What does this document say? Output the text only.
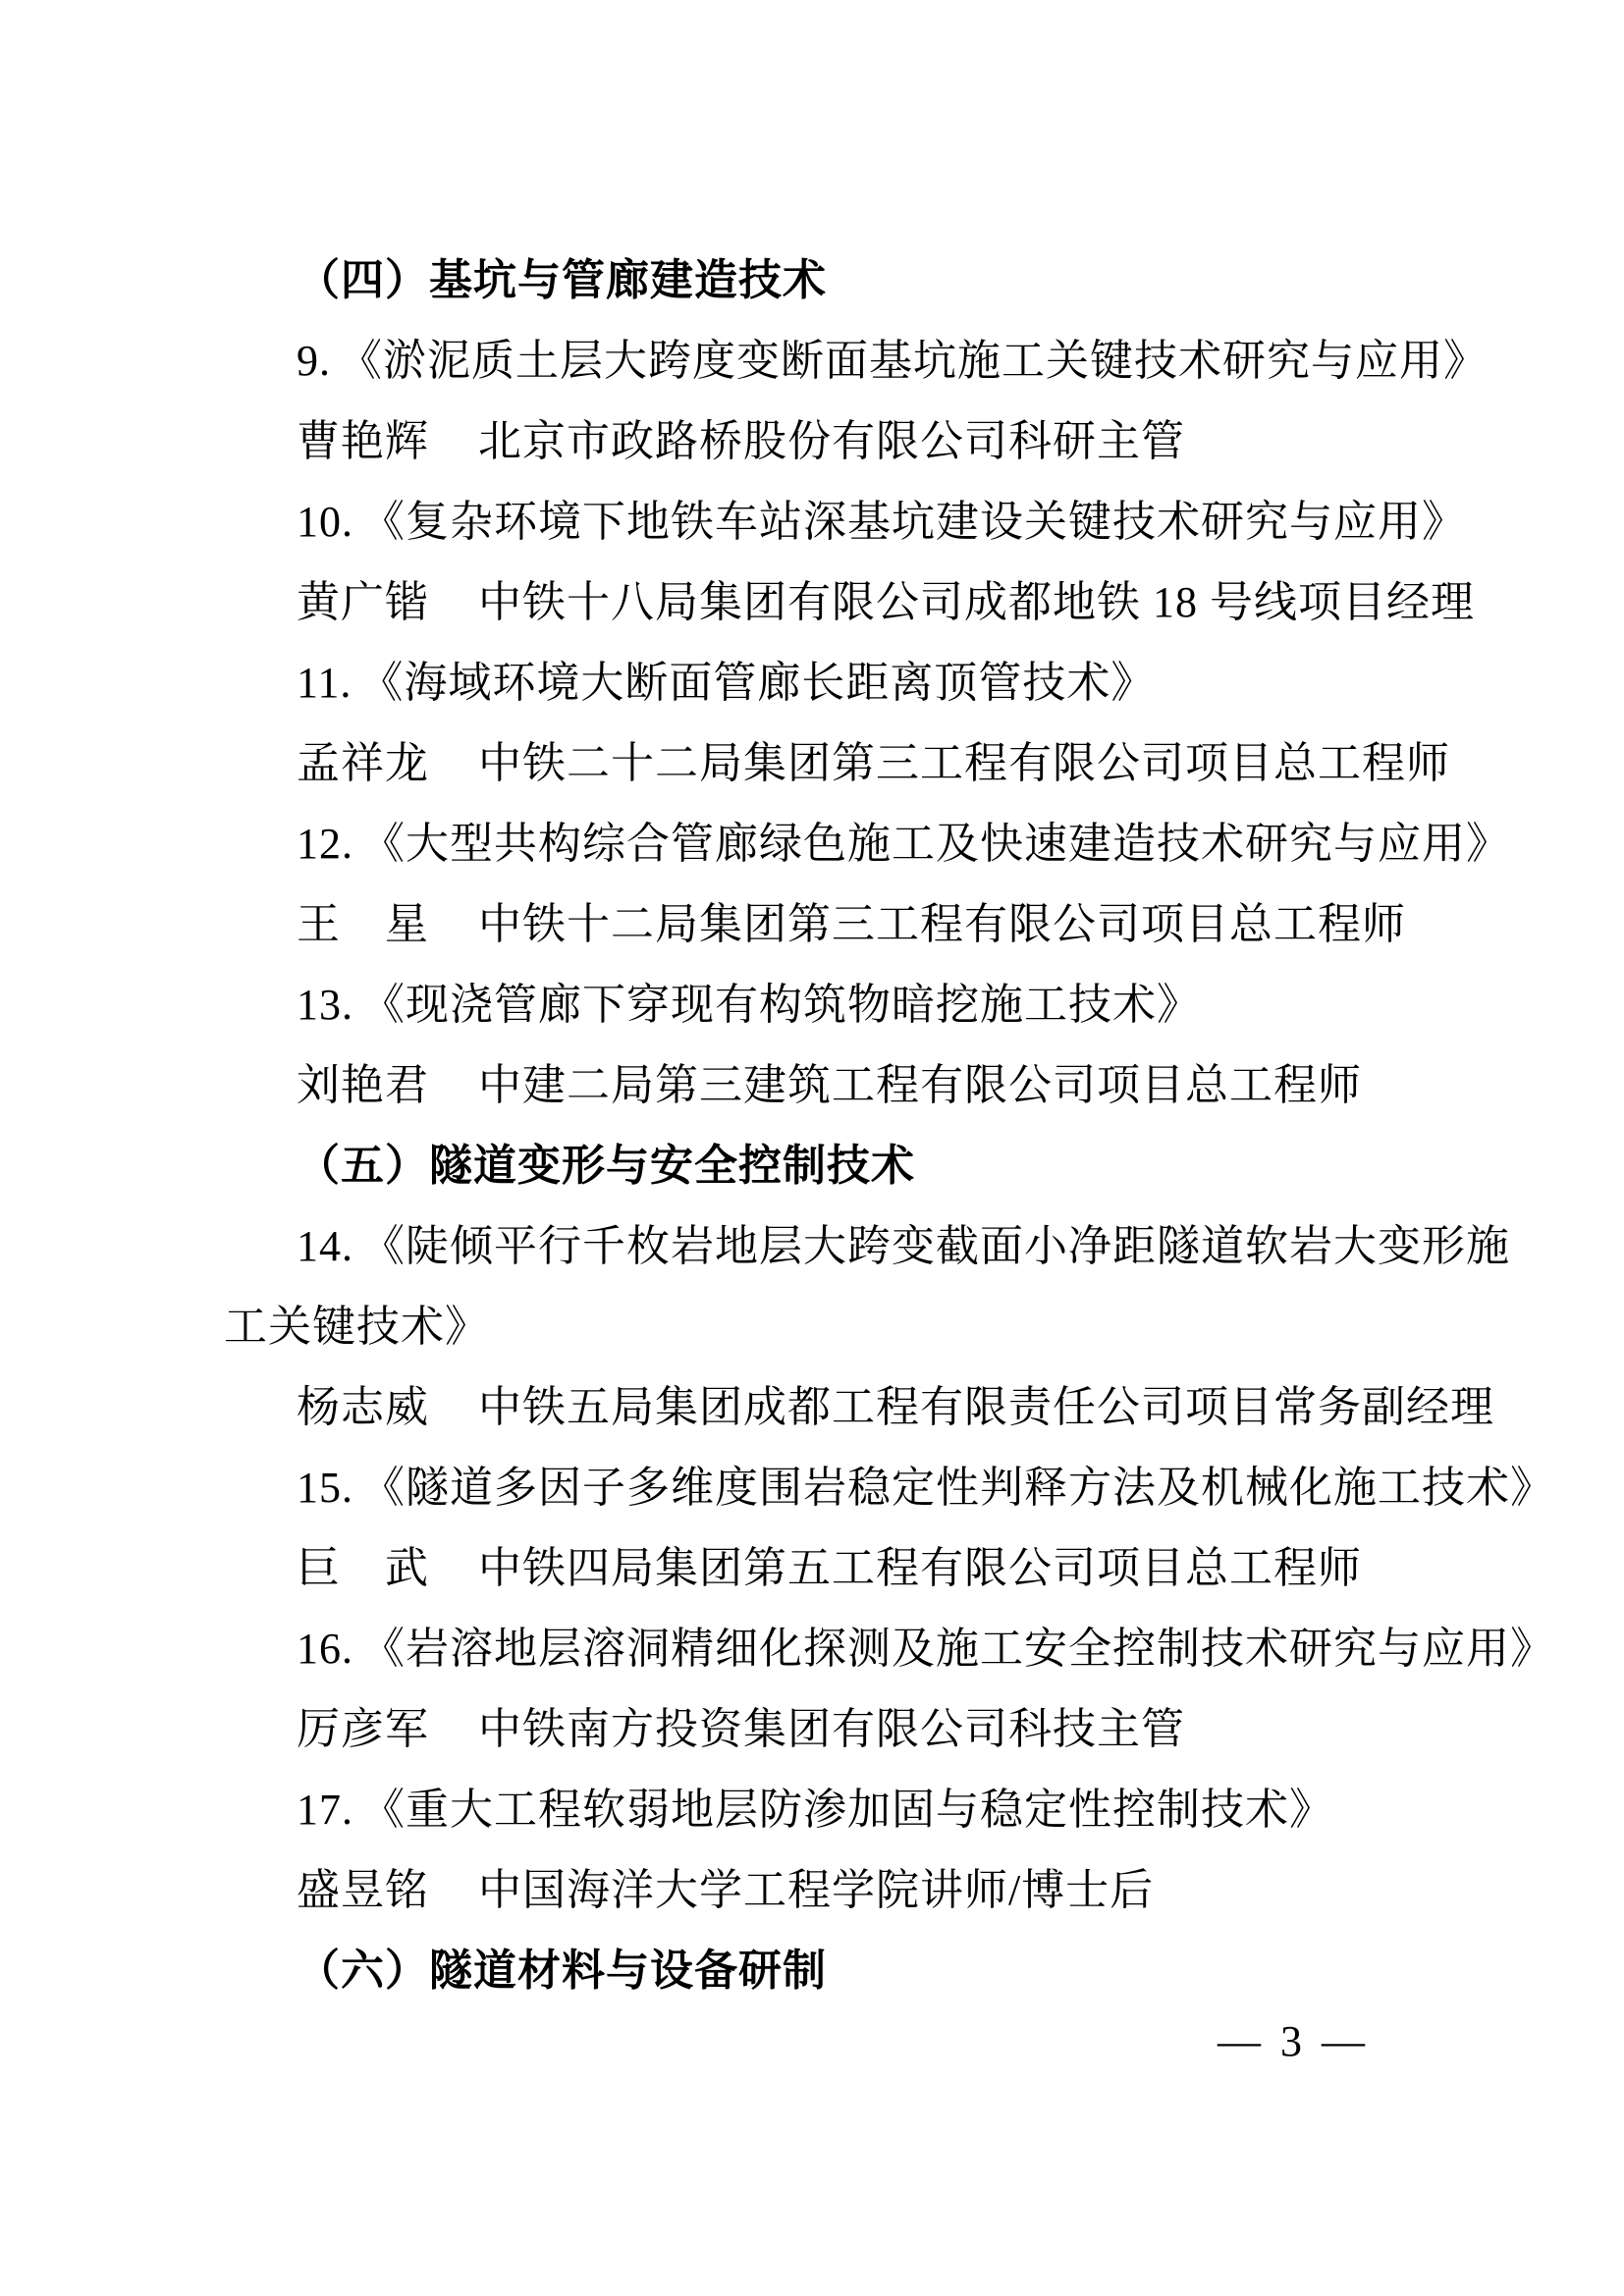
（四）基坑与管廊建造技术
9. 《淤泥质土层大跨度变断面基坑施工关键技术研究与应用》
曹艳辉 北京市政路桥股份有限公司科研主管
10. 《复杂环境下地铁车站深基坑建设关键技术研究与应用》
黄广锴 中铁十八局集团有限公司成都地铁 18 号线项目经理
11. 《海域环境大断面管廊长距离顶管技术》
孟祥龙 中铁二十二局集团第三工程有限公司项目总工程师
12. 《大型共构综合管廊绿色施工及快速建造技术研究与应用》
王　星 中铁十二局集团第三工程有限公司项目总工程师
13. 《现浇管廊下穿现有构筑物暗挖施工技术》
刘艳君 中建二局第三建筑工程有限公司项目总工程师
（五）隧道变形与安全控制技术
14. 《陡倾平行千枚岩地层大跨变截面小净距隧道软岩大变形施
工关键技术》
杨志威 中铁五局集团成都工程有限责任公司项目常务副经理
15. 《隧道多因子多维度围岩稳定性判释方法及机械化施工技术》
巨　武 中铁四局集团第五工程有限公司项目总工程师
16. 《岩溶地层溶洞精细化探测及施工安全控制技术研究与应用》
厉彦军 中铁南方投资集团有限公司科技主管
17. 《重大工程软弱地层防渗加固与稳定性控制技术》
盛昱铭 中国海洋大学工程学院讲师/博士后
（六）隧道材料与设备研制
— 3 —
